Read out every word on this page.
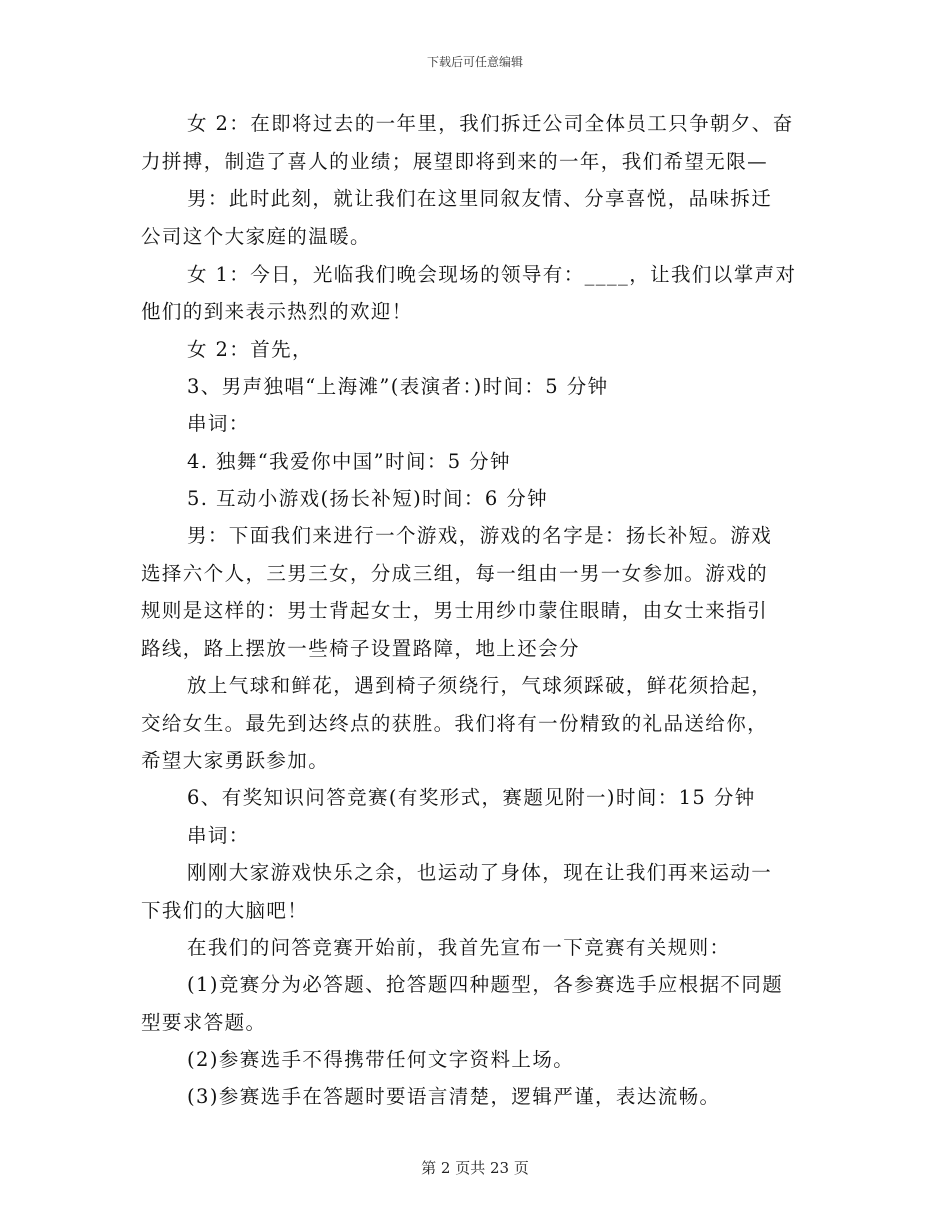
下载后可任意编辑
女 2：在即将过去的一年里，我们拆迁公司全体员工只争朝夕、奋
力拼搏，制造了喜人的业绩；展望即将到来的一年，我们希望无限—
男：此时此刻，就让我们在这里同叙友情、分享喜悦，品味拆迁
公司这个大家庭的温暖。
女 1：今日，光临我们晚会现场的领导有：____，让我们以掌声对
他们的到来表示热烈的欢迎！
女 2：首先，
3、男声独唱“上海滩”(表演者：)时间：5 分钟
串词：
4. 独舞“我爱你中国”时间：5 分钟
5. 互动小游戏(扬长补短)时间：6 分钟
男：下面我们来进行一个游戏，游戏的名字是：扬长补短。游戏
选择六个人，三男三女，分成三组，每一组由一男一女参加。游戏的
规则是这样的：男士背起女士，男士用纱巾蒙住眼睛，由女士来指引
路线，路上摆放一些椅子设置路障，地上还会分
放上气球和鲜花，遇到椅子须绕行，气球须踩破，鲜花须拾起，
交给女生。最先到达终点的获胜。我们将有一份精致的礼品送给你，
希望大家勇跃参加。
6、有奖知识问答竞赛(有奖形式，赛题见附一)时间：15 分钟
串词：
刚刚大家游戏快乐之余，也运动了身体，现在让我们再来运动一
下我们的大脑吧！
在我们的问答竞赛开始前，我首先宣布一下竞赛有关规则：
(1)竞赛分为必答题、抢答题四种题型，各参赛选手应根据不同题
型要求答题。
(2)参赛选手不得携带任何文字资料上场。
(3)参赛选手在答题时要语言清楚，逻辑严谨，表达流畅。
第 2 页共 23 页
